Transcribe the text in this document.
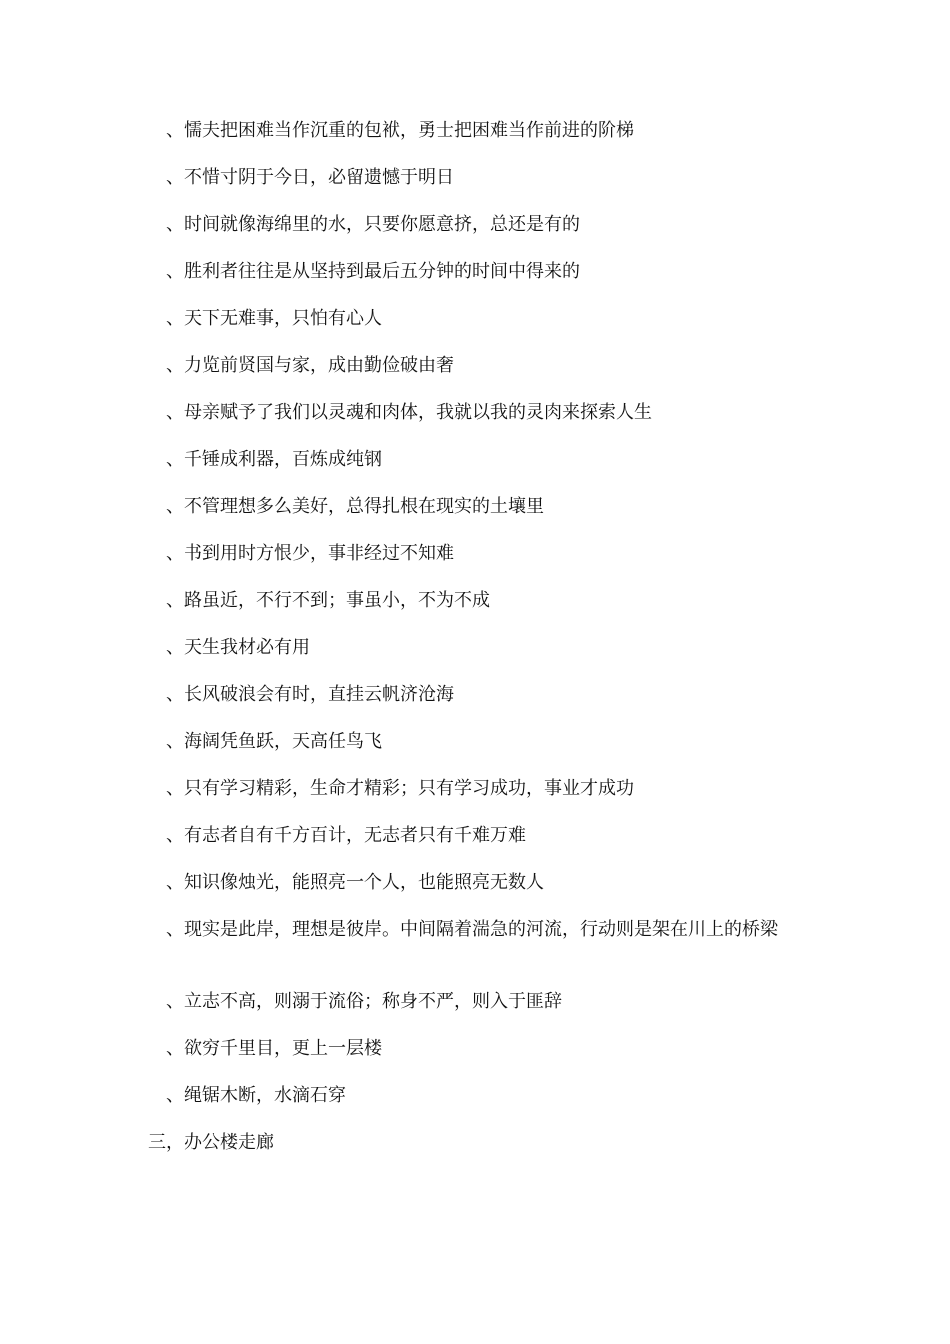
、懦夫把困难当作沉重的包袱，勇士把困难当作前进的阶梯

、不惜寸阴于今日，必留遗憾于明日

、时间就像海绵里的水，只要你愿意挤，总还是有的

、胜利者往往是从坚持到最后五分钟的时间中得来的

、天下无难事，只怕有心人

、力览前贤国与家，成由勤俭破由奢

、母亲赋予了我们以灵魂和肉体，我就以我的灵肉来探索人生

、千锤成利器，百炼成纯钢

、不管理想多么美好，总得扎根在现实的土壤里

、书到用时方恨少，事非经过不知难

、路虽近，不行不到；事虽小，不为不成

、天生我材必有用

、长风破浪会有时，直挂云帆济沧海

、海阔凭鱼跃，天高任鸟飞

、只有学习精彩，生命才精彩；只有学习成功，事业才成功

、有志者自有千方百计，无志者只有千难万难

、知识像烛光，能照亮一个人，也能照亮无数人

、现实是此岸，理想是彼岸。中间隔着湍急的河流，行动则是架在川上的桥梁

、立志不高，则溺于流俗；称身不严，则入于匪辞

、欲穷千里目，更上一层楼

、绳锯木断，水滴石穿

三，办公楼走廊
